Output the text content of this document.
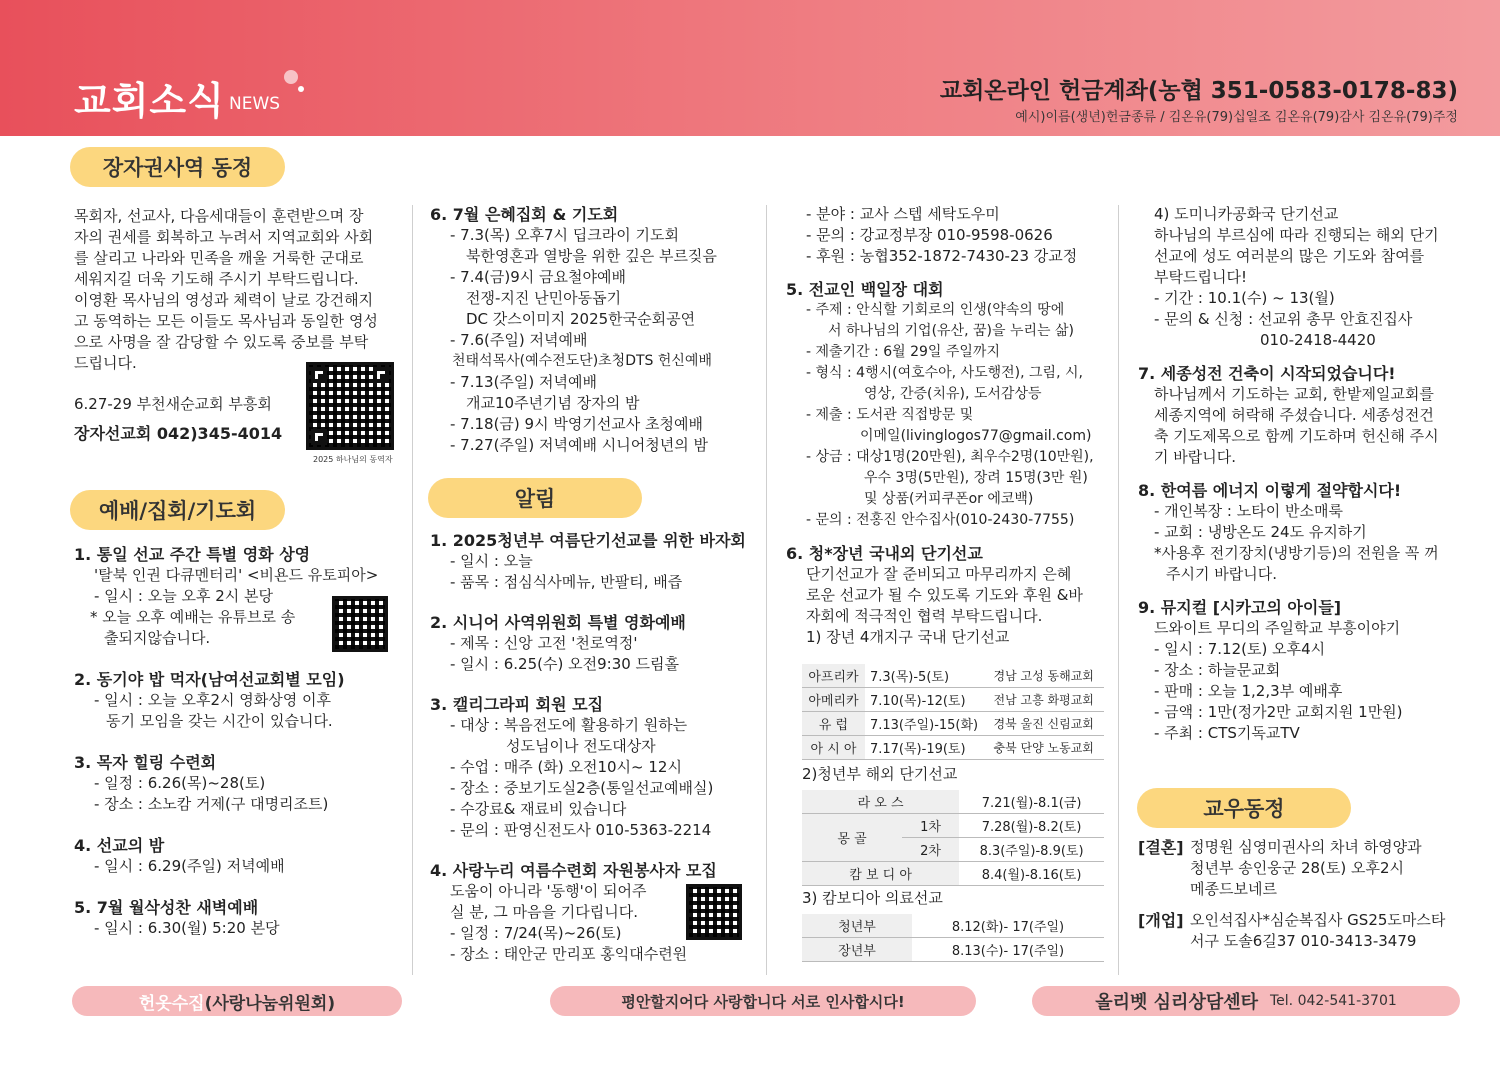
교회소식 NEWS	교회온라인 헌금계좌(농협 351-0583-0178-83)
예시)이름(생년)헌금종류 / 김온유(79)십일조 김온유(79)감사 김온유(79)주정
장자권사역 동정
목회자, 선교사, 다음세대들이 훈련받으며 장
자의 권세를 회복하고 누려서 지역교회와 사회
를 살리고 나라와 민족을 깨울 거룩한 군대로
세워지길 더욱 기도해 주시기 부탁드립니다.
이영환 목사님의 영성과 체력이 날로 강건해지
고 동역하는 모든 이들도 목사님과 동일한 영성
으로 사명을 잘 감당할 수 있도록 중보를 부탁
드립니다.
6.27-29 부천새순교회 부흥회
장자선교회 042)345-4014
2025 하나님의 동역자
예배/집회/기도회
1. 통일 선교 주간 특별 영화 상영
'탈북 인권 다큐멘터리' <비욘드 유토피아>
- 일시 : 오늘 오후 2시 본당
* 오늘 오후 예배는 유튜브로 송
출되지않습니다.
2. 동기야 밥 먹자(남여선교회별 모임)
- 일시 : 오늘 오후2시 영화상영 이후
동기 모임을 갖는 시간이 있습니다.
3. 목자 힐링 수련회
- 일정 : 6.26(목)~28(토)
- 장소 : 소노캄 거제(구 대명리조트)
4. 선교의 밤
- 일시 : 6.29(주일) 저녁예배
5. 7월 월삭성찬 새벽예배
- 일시 : 6.30(월) 5:20 본당
6. 7월 은혜집회 & 기도회
- 7.3(목) 오후7시 딥크라이 기도회
북한영혼과 열방을 위한 깊은 부르짖음
- 7.4(금)9시 금요철야예배
전쟁-지진 난민아동돕기
DC 갓스이미지 2025한국순회공연
- 7.6(주일) 저녁예배
천태석목사(예수전도단)초청DTS 헌신예배
- 7.13(주일) 저녁예배
개교10주년기념 장자의 밤
- 7.18(금) 9시 박영기선교사 초청예배
- 7.27(주일) 저녁예배 시니어청년의 밤
알림
1. 2025청년부 여름단기선교를 위한 바자회
- 일시 : 오늘
- 품목 : 점심식사메뉴, 반팔티, 배즙
2. 시니어 사역위원회 특별 영화예배
- 제목 : 신앙 고전 '천로역정'
- 일시 : 6.25(수) 오전9:30 드림홀
3. 캘리그라피 회원 모집
- 대상 : 복음전도에 활용하기 원하는
성도님이나 전도대상자
- 수업 : 매주 (화) 오전10시~ 12시
- 장소 : 중보기도실2층(통일선교예배실)
- 수강료& 재료비 있습니다
- 문의 : 판영신전도사 010-5363-2214
4. 사랑누리 여름수련회 자원봉사자 모집
도움이 아니라 '동행'이 되어주
실 분, 그 마음을 기다립니다.
- 일정 : 7/24(목)~26(토)
- 장소 : 태안군 만리포 홍익대수련원
- 분야 : 교사 스텝 세탁도우미
- 문의 : 강교정부장 010-9598-0626
- 후원 : 농협352-1872-7430-23 강교정
5. 전교인 백일장 대회
- 주제 : 안식할 기회로의 인생(약속의 땅에
서 하나님의 기업(유산, 꿈)을 누리는 삶)
- 제출기간 : 6월 29일 주일까지
- 형식 : 4행시(여호수아, 사도행전), 그림, 시,
영상, 간증(치유), 도서감상등
- 제출 : 도서관 직접방문 및
이메일(livinglogos77@gmail.com)
- 상금 : 대상1명(20만원), 최우수2명(10만원),
우수 3명(5만원), 장려 15명(3만 원)
및 상품(커피쿠폰or 에코백)
- 문의 : 전홍진 안수집사(010-2430-7755)
6. 청*장년 국내외 단기선교
단기선교가 잘 준비되고 마무리까지 은혜
로운 선교가 될 수 있도록 기도와 후원 &바
자회에 적극적인 협력 부탁드립니다.
1) 장년 4개지구 국내 단기선교
아프리카	7.3(목)-5(토)	경남 고성 동해교회
아메리카	7.10(목)-12(토)	전남 고흥 화평교회
유 럽	7.13(주일)-15(화)	경북 울진 신림교회
아 시 아	7.17(목)-19(토)	충북 단양 노동교회
2)청년부 해외 단기선교
라 오 스		7.21(월)-8.1(금)
몽 골	1차	7.28(월)-8.2(토)
	2차	8.3(주일)-8.9(토)
캄 보 디 아		8.4(월)-8.16(토)
3) 캄보디아 의료선교
청년부	8.12(화)- 17(주일)
장년부	8.13(수)- 17(주일)
4) 도미니카공화국 단기선교
하나님의 부르심에 따라 진행되는 해외 단기
선교에 성도 여러분의 많은 기도와 참여를
부탁드립니다!
- 기간 : 10.1(수) ~ 13(월)
- 문의 & 신청 : 선교위 총무 안효진집사
010-2418-4420
7. 세종성전 건축이 시작되었습니다!
하나님께서 기도하는 교회, 한밭제일교회를
세종지역에 허락해 주셨습니다. 세종성전건
축 기도제목으로 함께 기도하며 헌신해 주시
기 바랍니다.
8. 한여름 에너지 이렇게 절약합시다!
- 개인복장 : 노타이 반소매룩
- 교회 : 냉방온도 24도 유지하기
*사용후 전기장치(냉방기등)의 전원을 꼭 꺼
주시기 바랍니다.
9. 뮤지컬 [시카고의 아이들]
드와이트 무디의 주일학교 부흥이야기
- 일시 : 7.12(토) 오후4시
- 장소 : 하늘문교회
- 판매 : 오늘 1,2,3부 예배후
- 금액 : 1만(정가2만 교회지원 1만원)
- 주최 : CTS기독교TV
교우동정
[결혼] 정명원 심영미권사의 차녀 하영양과
청년부 송인웅군 28(토) 오후2시
메종드보네르
[개업] 오인석집사*심순복집사 GS25도마스타
서구 도솔6길37 010-3413-3479
헌옷수집 (사랑나눔위원회)	평안할지어다 사랑합니다 서로 인사합시다!	올리벳 심리상담센타 Tel. 042-541-3701
